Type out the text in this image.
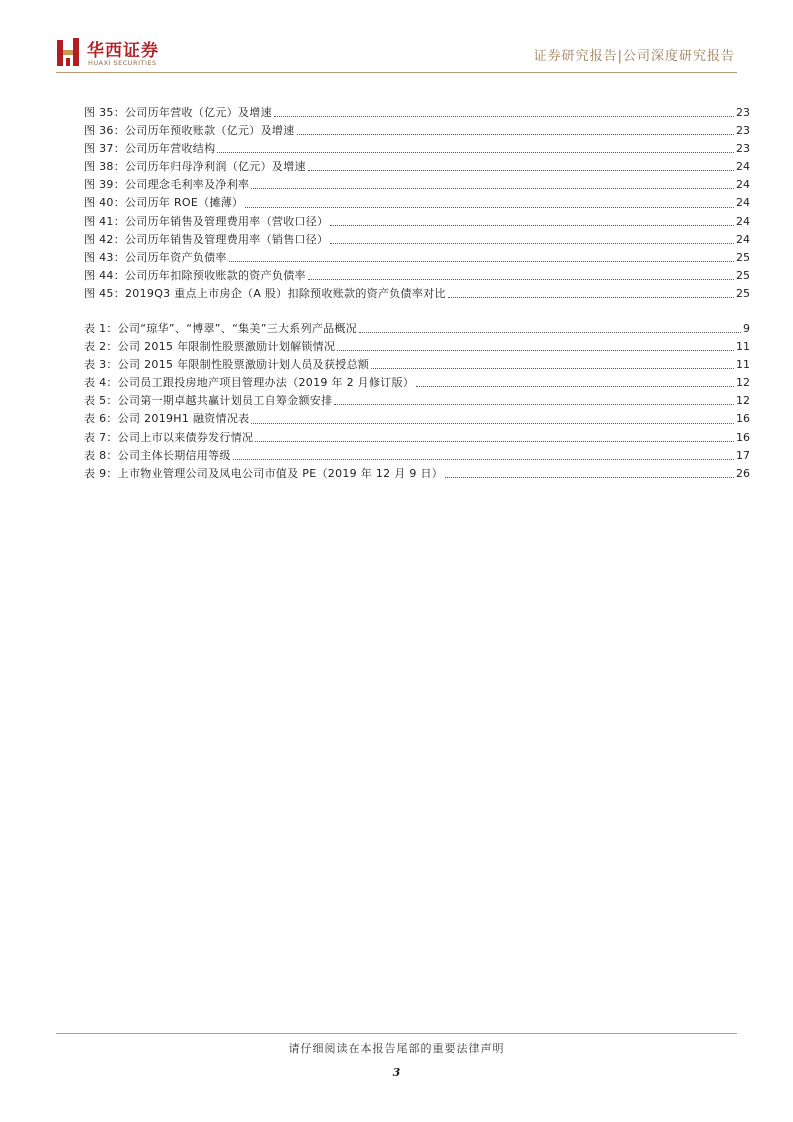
华西证券
HUAXI SECURITIES	证券研究报告|公司深度研究报告
图 35：公司历年营收（亿元）及增速	23
图 36：公司历年预收账款（亿元）及增速	23
图 37：公司历年营收结构	23
图 38：公司历年归母净利润（亿元）及增速	24
图 39：公司理念毛利率及净利率	24
图 40：公司历年 ROE（摊薄）	24
图 41：公司历年销售及管理费用率（营收口径）	24
图 42：公司历年销售及管理费用率（销售口径）	24
图 43：公司历年资产负债率	25
图 44：公司历年扣除预收账款的资产负债率	25
图 45：2019Q3 重点上市房企（A 股）扣除预收账款的资产负债率对比	25
表 1：公司“琼华”、“博翠”、“集美”三大系列产品概况	9
表 2：公司 2015 年限制性股票激励计划解锁情况	11
表 3：公司 2015 年限制性股票激励计划人员及获授总额	11
表 4：公司员工跟投房地产项目管理办法（2019 年 2 月修订版）	12
表 5：公司第一期卓越共赢计划员工自筹金额安排	12
表 6：公司 2019H1 融资情况表	16
表 7：公司上市以来债券发行情况	16
表 8：公司主体长期信用等级	17
表 9：上市物业管理公司及凤电公司市值及 PE（2019 年 12 月 9 日）	26
请仔细阅读在本报告尾部的重要法律声明
3
